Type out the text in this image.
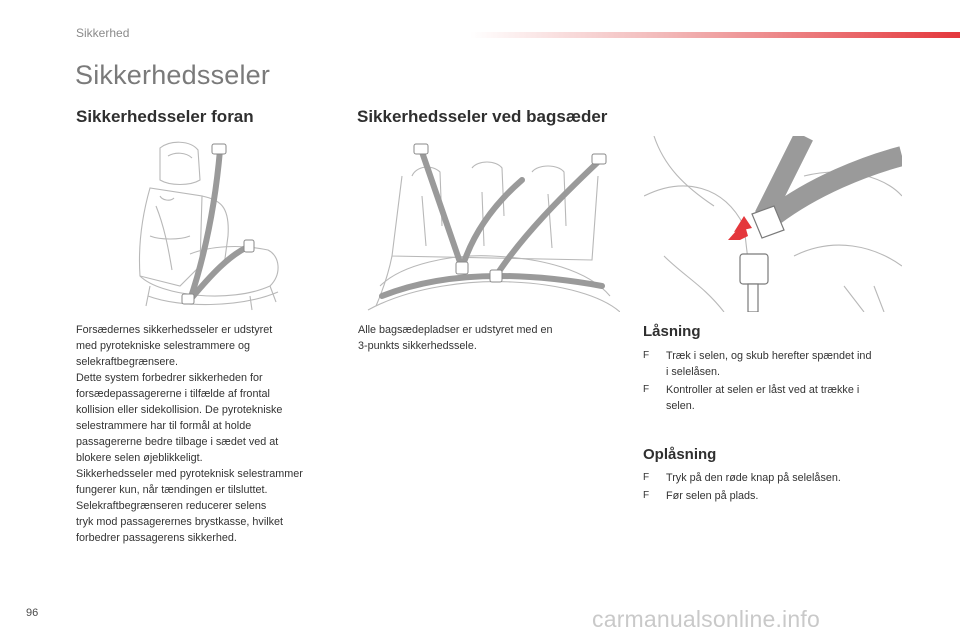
Sikkerhed
Sikkerhedsseler
Sikkerhedsseler foran	Sikkerhedsseler ved bagsæder
Forsædernes sikkerhedsseler er udstyret
med pyrotekniske selestrammere og
selekraftbegrænsere.
Dette system forbedrer sikkerheden for
forsædepassagererne i tilfælde af frontal
kollision eller sidekollision. De pyrotekniske
selestrammere har til formål at holde
passagererne bedre tilbage i sædet ved at
blokere selen øjeblikkeligt.
Sikkerhedsseler med pyroteknisk selestrammer
fungerer kun, når tændingen er tilsluttet.
Selekraftbegrænseren reducerer selens
tryk mod passagerernes brystkasse, hvilket
forbedrer passagerens sikkerhed.
Alle bagsædepladser er udstyret med en
3-punkts sikkerhedssele.
Låsning
F Træk i selen, og skub herefter spændet ind
i selelåsen.
F Kontroller at selen er låst ved at trække i
selen.
Oplåsning
F Tryk på den røde knap på selelåsen.
F Før selen på plads.
96	carmanualsonline.info
